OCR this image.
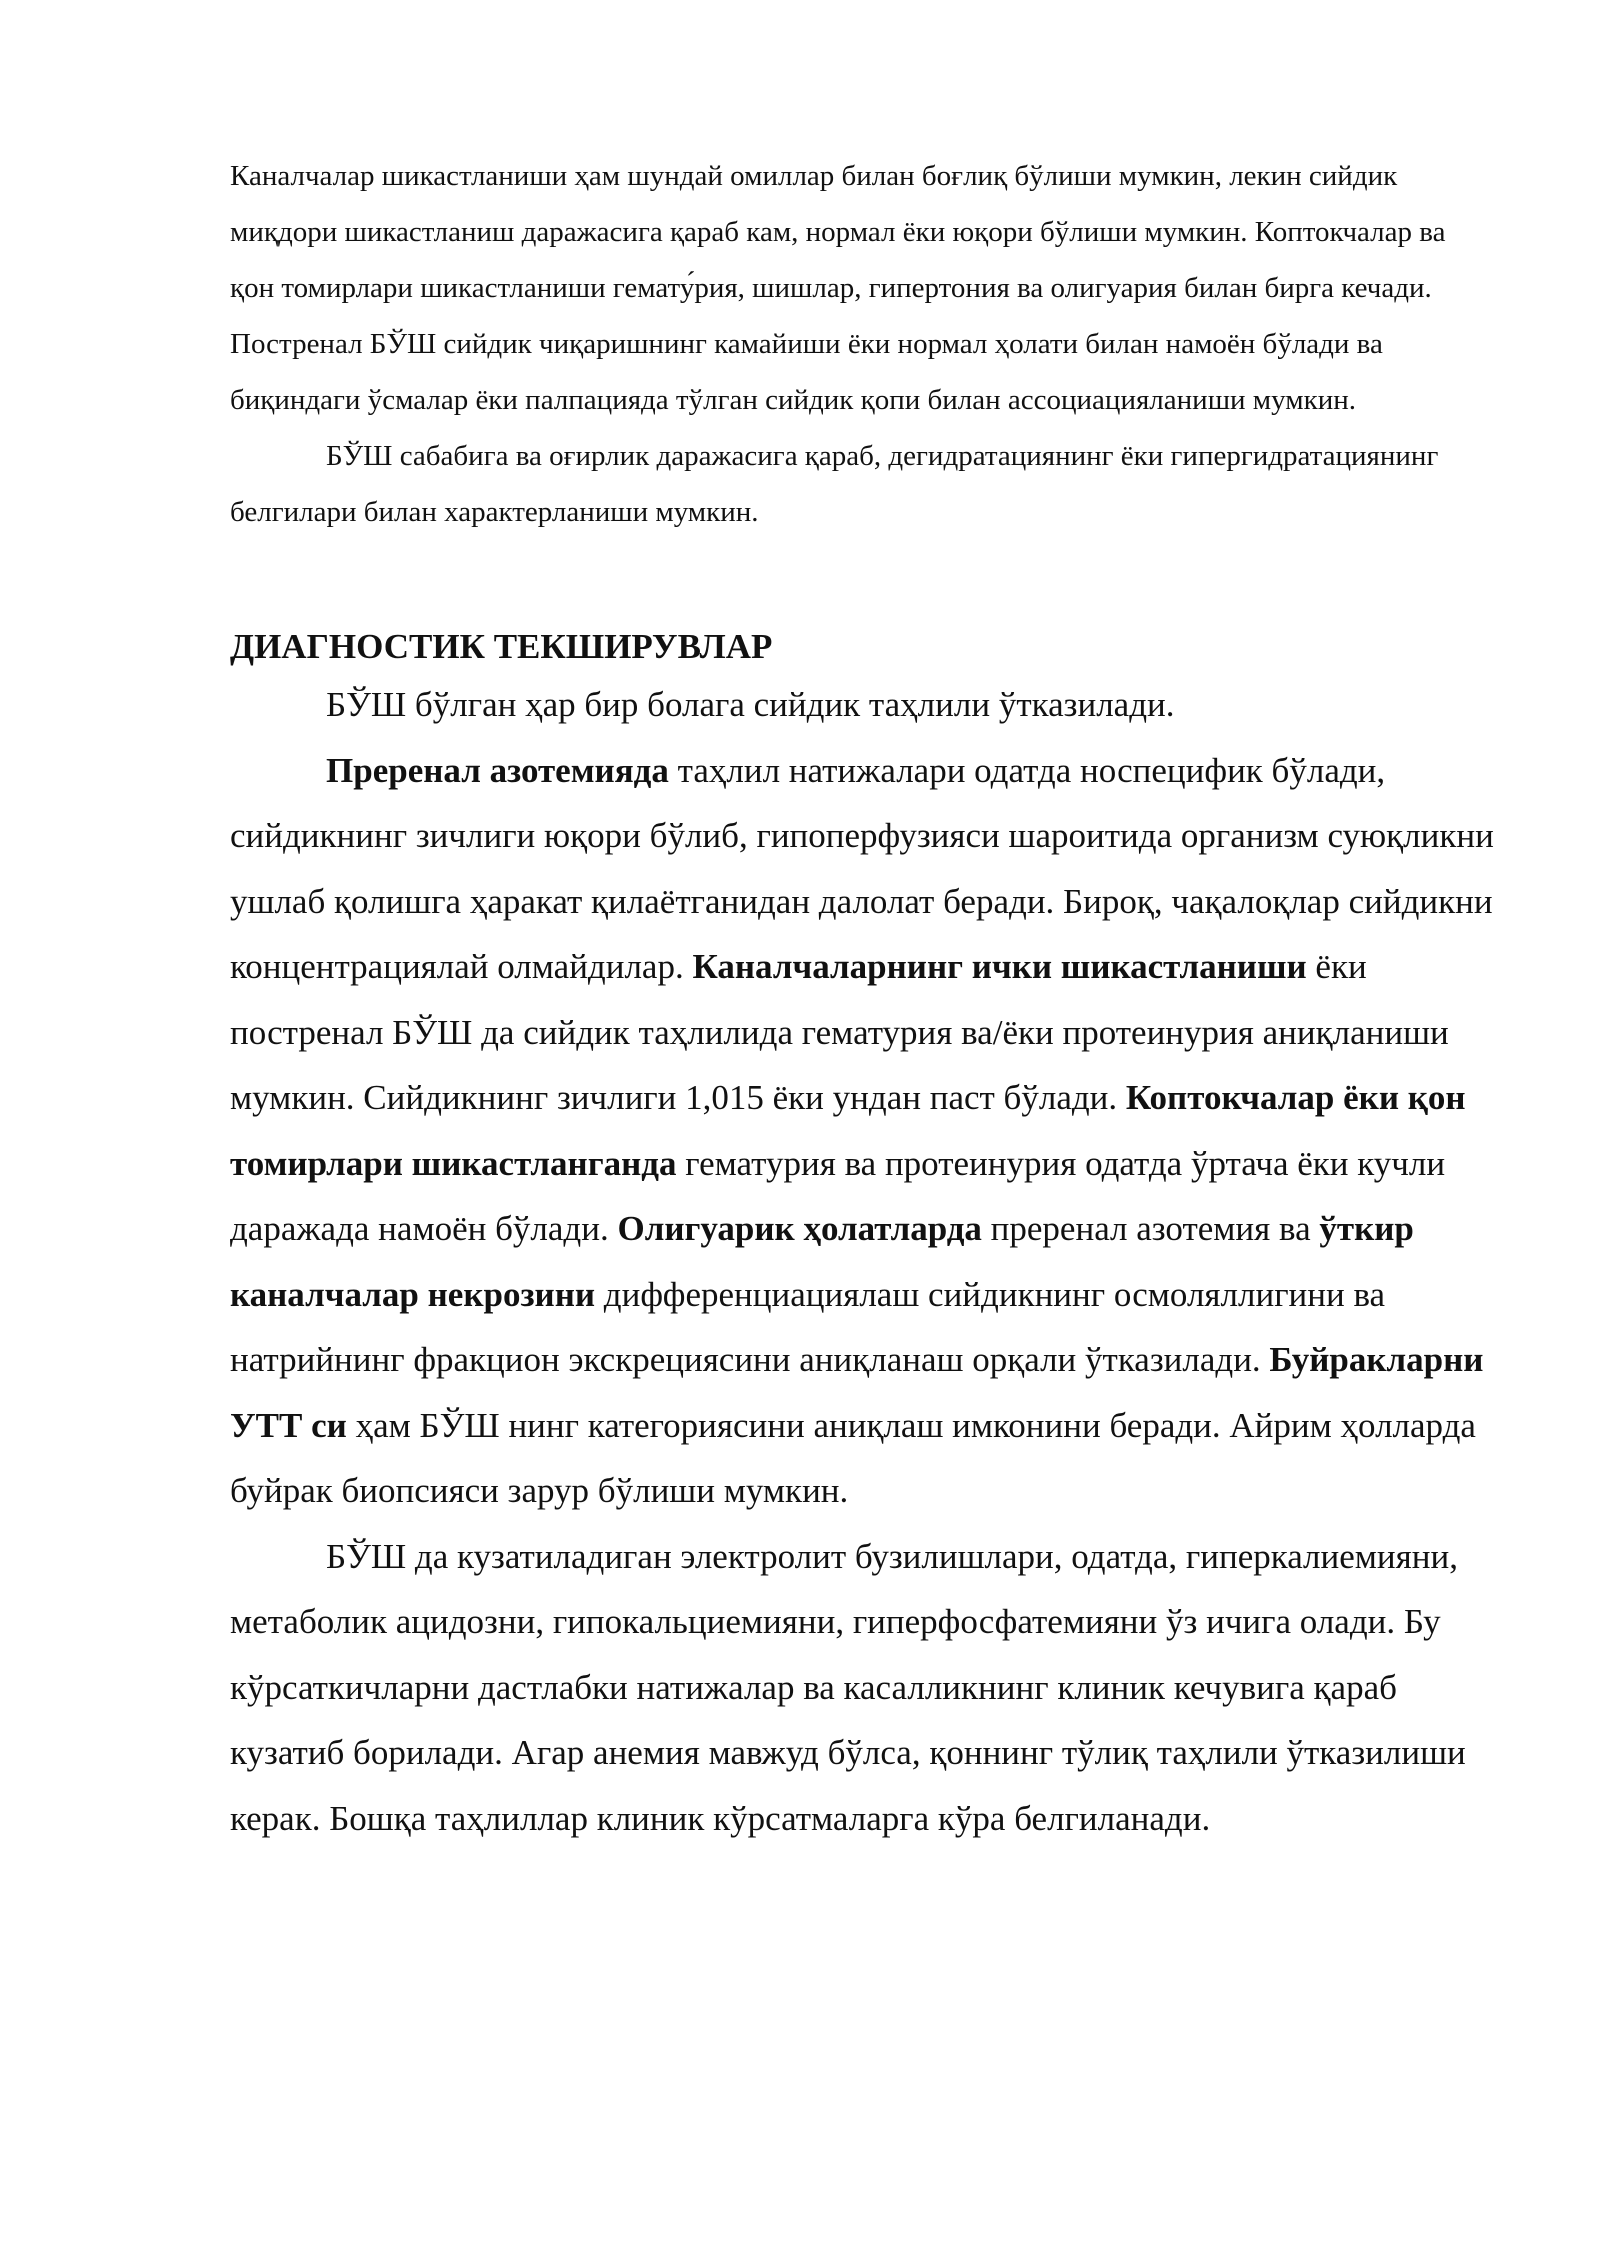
Каналчалар шикастланиши ҳам шундай омиллар билан боғлиқ бўлиши мумкин, лекин сийдик миқдори шикастланиш даражасига қараб кам, нормал ёки юқори бўлиши мумкин. Коптокчалар ва қон томирлари шикастланиши гемату́рия, шишлар, гипертония ва олигуария билан бирга кечади.

Постренал БЎШ сийдик чиқаришнинг камайиши ёки нормал ҳолати билан намоён бўлади ва биқиндаги ўсмалар ёки палпацияда тўлган сийдик қопи билан ассоциацияланиши мумкин.

БЎШ сабабига ва оғирлик даражасига қараб, дегидратациянинг ёки гипергидратациянинг белгилари билан характерланиши мумкин.

ДИАГНОСТИК ТЕКШИРУВЛАР

БЎШ бўлган ҳар бир болага сийдик таҳлили ўтказилади.

Преренал азотемияда таҳлил натижалари одатда носпецифик бўлади, сийдикнинг зичлиги юқори бўлиб, гипоперфузияси шароитида организм суюқликни ушлаб қолишга ҳаракат қилаётганидан далолат беради. Бироқ, чақалоқлар сийдикни концентрациялай олмайдилар. Каналчаларнинг ички шикастланиши ёки постренал БЎШ да сийдик таҳлилида гематурия ва/ёки протеинурия аниқланиши мумкин. Сийдикнинг зичлиги 1,015 ёки ундан паст бўлади. Коптокчалар ёки қон томирлари шикастланганда гематурия ва протеинурия одатда ўртача ёки кучли даражада намоён бўлади. Олигуарик ҳолатларда преренал азотемия ва ўткир каналчалар некрозини дифференциациялаш сийдикнинг осмоляллигини ва натрийнинг фракцион экскрециясини аниқланаш орқали ўтказилади. Буйракларни УТТ си ҳам БЎШ нинг категориясини аниқлаш имконини беради. Айрим ҳолларда буйрак биопсияси зарур бўлиши мумкин.

БЎШ да кузатиладиган электролит бузилишлари, одатда, гиперкалиемияни, метаболик ацидозни, гипокальциемияни, гиперфосфатемияни ўз ичига олади. Бу кўрсаткичларни дастлабки натижалар ва касалликнинг клиник кечувига қараб кузатиб борилади. Агар анемия мавжуд бўлса, қоннинг тўлиқ таҳлили ўтказилиши керак. Бошқа таҳлиллар клиник кўрсатмаларга кўра белгиланади.
